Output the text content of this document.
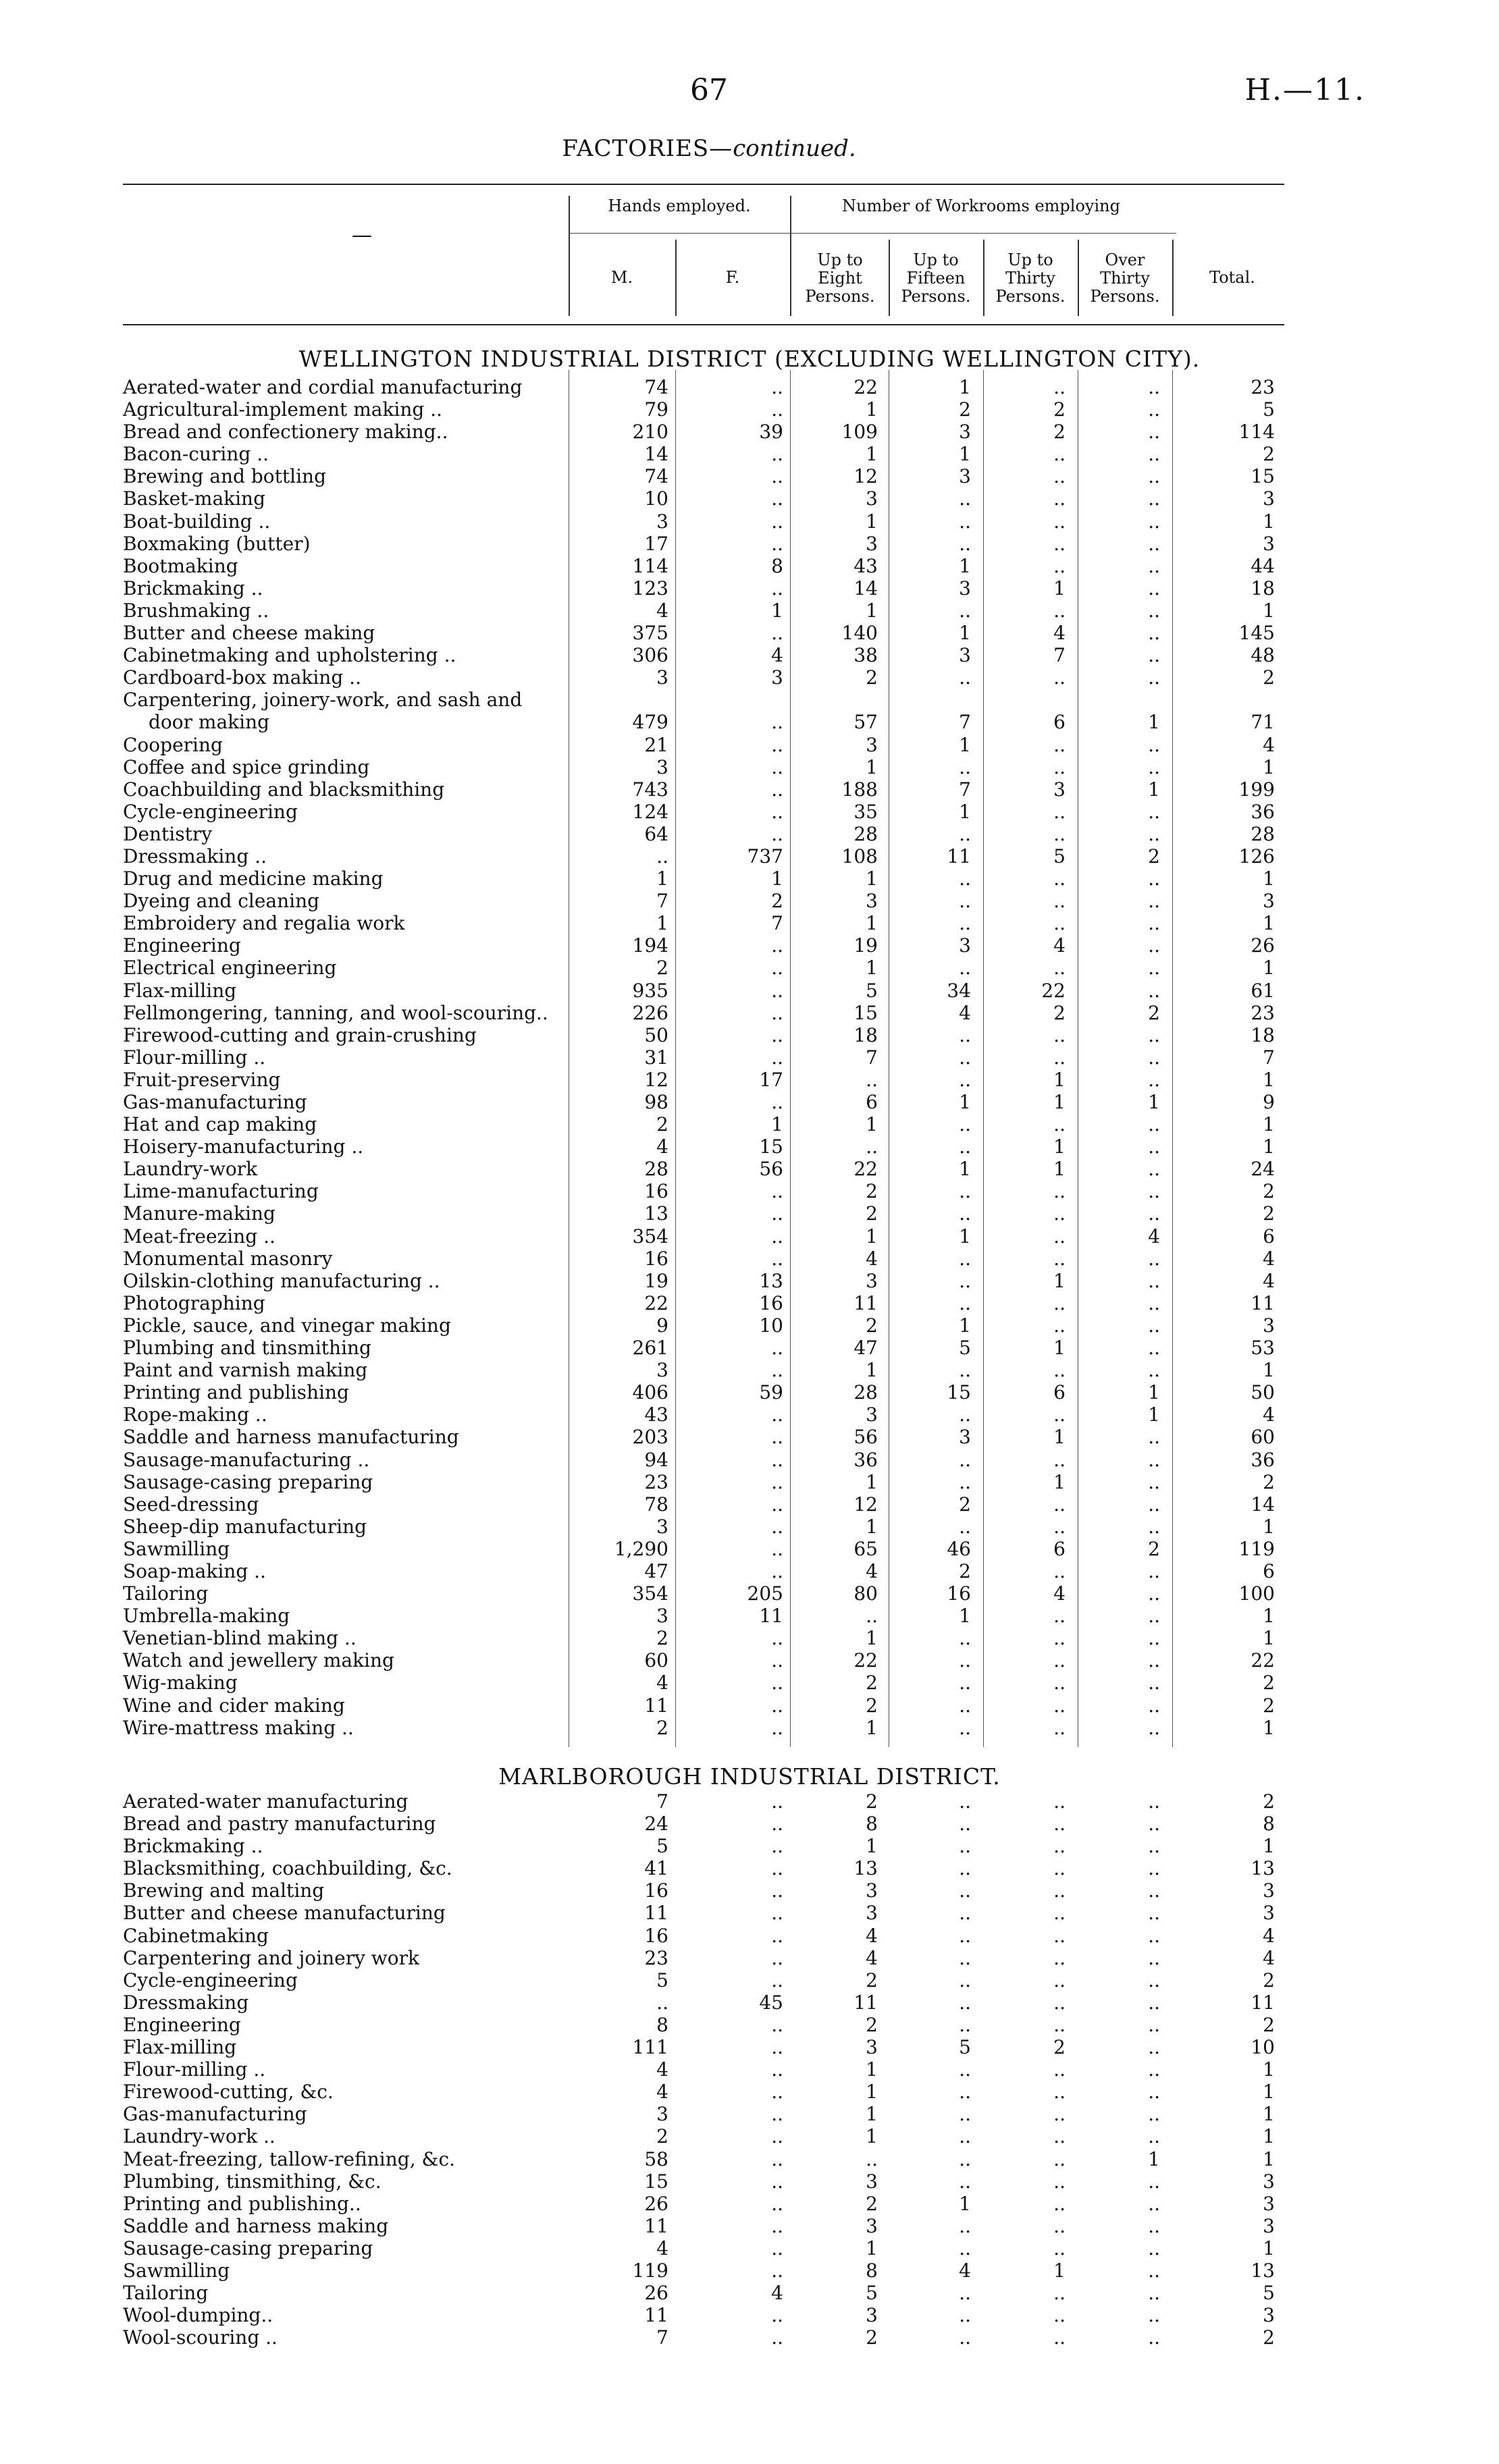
67	H.—11.
FACTORIES—continued.
—
Hands employed.	Number of Workrooms employing
M.	F.
Up to Eight Persons.
Up to Fifteen Persons.
Up to Thirty Persons.
Over Thirty Persons.
Total.
WELLINGTON INDUSTRIAL DISTRICT (EXCLUDING WELLINGTON CITY).
Aerated-water and cordial manufacturing	74	..	22	1	..	..	23
Agricultural-implement making ..	79	..	1	2	2	..	5
Bread and confectionery making..	210	39	109	3	2	..	114
Bacon-curing ..	14	..	1	1	..	..	2
Brewing and bottling	74	..	12	3	..	..	15
Basket-making	10	..	3	..	..	..	3
Boat-building ..	3	..	1	..	..	..	1
Boxmaking (butter)	17	..	3	..	..	..	3
Bootmaking	114	8	43	1	..	..	44
Brickmaking ..	123	..	14	3	1	..	18
Brushmaking ..	4	1	1	..	..	..	1
Butter and cheese making	375	..	140	1	4	..	145
Cabinetmaking and upholstering ..	306	4	38	3	7	..	48
Cardboard-box making ..	3	3	2	..	..	..	2
Carpentering, joinery-work, and sash and
door making	479	..	57	7	6	1	71
Coopering	21	..	3	1	..	..	4
Coffee and spice grinding	3	..	1	..	..	..	1
Coachbuilding and blacksmithing	743	..	188	7	3	1	199
Cycle-engineering	124	..	35	1	..	..	36
Dentistry	64	..	28	..	..	..	28
Dressmaking ..	..	737	108	11	5	2	126
Drug and medicine making	1	1	1	..	..	..	1
Dyeing and cleaning	7	2	3	..	..	..	3
Embroidery and regalia work	1	7	1	..	..	..	1
Engineering	194	..	19	3	4	..	26
Electrical engineering	2	..	1	..	..	..	1
Flax-milling	935	..	5	34	22	..	61
Fellmongering, tanning, and wool-scouring..	226	..	15	4	2	2	23
Firewood-cutting and grain-crushing	50	..	18	..	..	..	18
Flour-milling ..	31	..	7	..	..	..	7
Fruit-preserving	12	17	..	..	1	..	1
Gas-manufacturing	98	..	6	1	1	1	9
Hat and cap making	2	1	1	..	..	..	1
Hoisery-manufacturing ..	4	15	..	..	1	..	1
Laundry-work	28	56	22	1	1	..	24
Lime-manufacturing	16	..	2	..	..	..	2
Manure-making	13	..	2	..	..	..	2
Meat-freezing ..	354	..	1	1	..	4	6
Monumental masonry	16	..	4	..	..	..	4
Oilskin-clothing manufacturing ..	19	13	3	..	1	..	4
Photographing	22	16	11	..	..	..	11
Pickle, sauce, and vinegar making	9	10	2	1	..	..	3
Plumbing and tinsmithing	261	..	47	5	1	..	53
Paint and varnish making	3	..	1	..	..	..	1
Printing and publishing	406	59	28	15	6	1	50
Rope-making ..	43	..	3	..	..	1	4
Saddle and harness manufacturing	203	..	56	3	1	..	60
Sausage-manufacturing ..	94	..	36	..	..	..	36
Sausage-casing preparing	23	..	1	..	1	..	2
Seed-dressing	78	..	12	2	..	..	14
Sheep-dip manufacturing	3	..	1	..	..	..	1
Sawmilling	1,290	..	65	46	6	2	119
Soap-making ..	47	..	4	2	..	..	6
Tailoring	354	205	80	16	4	..	100
Umbrella-making	3	11	..	1	..	..	1
Venetian-blind making ..	2	..	1	..	..	..	1
Watch and jewellery making	60	..	22	..	..	..	22
Wig-making	4	..	2	..	..	..	2
Wine and cider making	11	..	2	..	..	..	2
Wire-mattress making ..	2	..	1	..	..	..	1
MARLBOROUGH INDUSTRIAL DISTRICT.
Aerated-water manufacturing	7	..	2	..	..	..	2
Bread and pastry manufacturing	24	..	8	..	..	..	8
Brickmaking ..	5	..	1	..	..	..	1
Blacksmithing, coachbuilding, &c.	41	..	13	..	..	..	13
Brewing and malting	16	..	3	..	..	..	3
Butter and cheese manufacturing	11	..	3	..	..	..	3
Cabinetmaking	16	..	4	..	..	..	4
Carpentering and joinery work	23	..	4	..	..	..	4
Cycle-engineering	5	..	2	..	..	..	2
Dressmaking	..	45	11	..	..	..	11
Engineering	8	..	2	..	..	..	2
Flax-milling	111	..	3	5	2	..	10
Flour-milling ..	4	..	1	..	..	..	1
Firewood-cutting, &c.	4	..	1	..	..	..	1
Gas-manufacturing	3	..	1	..	..	..	1
Laundry-work ..	2	..	1	..	..	..	1
Meat-freezing, tallow-refining, &c.	58	..	..	..	..	1	1
Plumbing, tinsmithing, &c.	15	..	3	..	..	..	3
Printing and publishing..	26	..	2	1	..	..	3
Saddle and harness making	11	..	3	..	..	..	3
Sausage-casing preparing	4	..	1	..	..	..	1
Sawmilling	119	..	8	4	1	..	13
Tailoring	26	4	5	..	..	..	5
Wool-dumping..	11	..	3	..	..	..	3
Wool-scouring ..	7	..	2	..	..	..	2
